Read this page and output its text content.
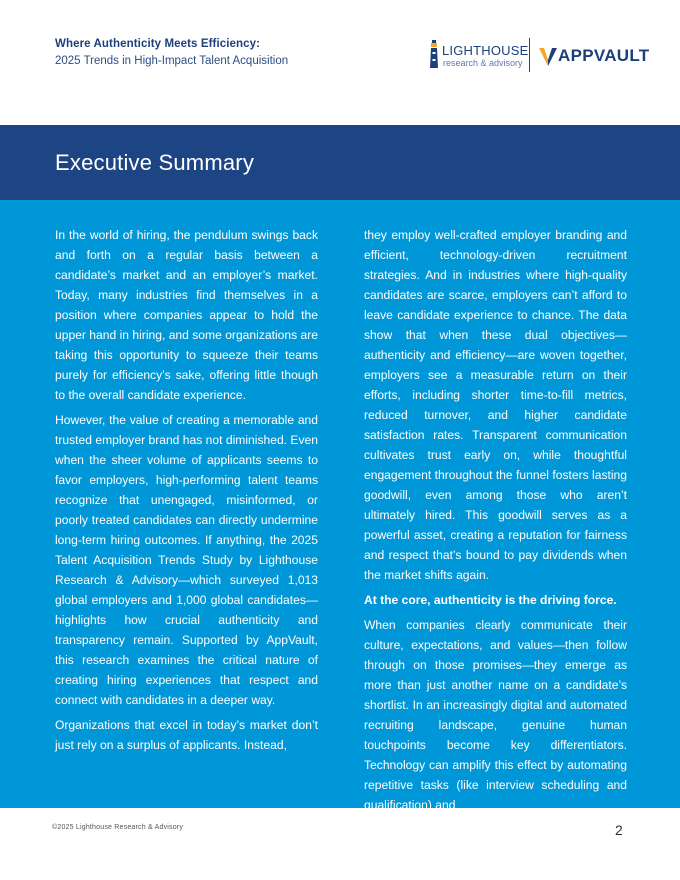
Where Authenticity Meets Efficiency:
2025 Trends in High-Impact Talent Acquisition
LIGHTHOUSE
research & advisory APPVAULT
Executive Summary

In the world of hiring, the pendulum swings back and forth on a regular basis between a candidate’s market and an employer’s market. Today, many industries find themselves in a position where companies appear to hold the upper hand in hiring, and some organizations are taking this opportunity to squeeze their teams purely for efficiency’s sake, offering little though to the overall candidate experience.

However, the value of creating a memorable and trusted employer brand has not diminished. Even when the sheer volume of applicants seems to favor employers, high-performing talent teams recognize that unengaged, misinformed, or poorly treated candidates can directly undermine long-term hiring outcomes. If anything, the 2025 Talent Acquisition Trends Study by Lighthouse Research & Advisory—which surveyed 1,013 global employers and 1,000 global candidates—highlights how crucial authenticity and transparency remain. Supported by AppVault, this research examines the critical nature of creating hiring experiences that respect and connect with candidates in a deeper way.

Organizations that excel in today’s market don’t just rely on a surplus of applicants. Instead,

they employ well-crafted employer branding and efficient, technology-driven recruitment strategies. And in industries where high-quality candidates are scarce, employers can’t afford to leave candidate experience to chance. The data show that when these dual objectives—authenticity and efficiency—are woven together, employers see a measurable return on their efforts, including shorter time-to-fill metrics, reduced turnover, and higher candidate satisfaction rates. Transparent communication cultivates trust early on, while thoughtful engagement throughout the funnel fosters lasting goodwill, even among those who aren’t ultimately hired. This goodwill serves as a powerful asset, creating a reputation for fairness and respect that’s bound to pay dividends when the market shifts again.

At the core, authenticity is the driving force.

When companies clearly communicate their culture, expectations, and values—then follow through on those promises—they emerge as more than just another name on a candidate’s shortlist. In an increasingly digital and automated recruiting landscape, genuine human touchpoints become key differentiators. Technology can amplify this effect by automating repetitive tasks (like interview scheduling and qualification) and

©2025 Lighthouse Research & Advisory	2
